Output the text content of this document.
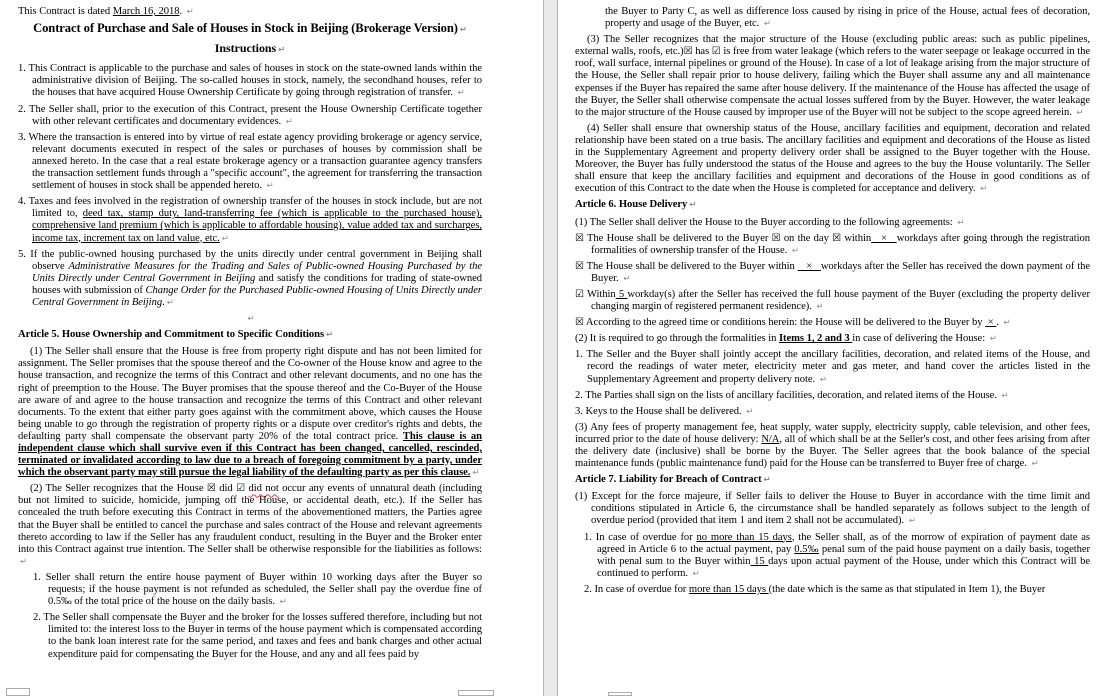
This Contract is dated March 16, 2018. ↵
Contract of Purchase and Sale of Houses in Stock in Beijing (Brokerage Version) ↵
Instructions ↵
1. This Contract is applicable to the purchase and sales of houses in stock on the state-owned lands within the administrative division of Beijing. The so-called houses in stock, namely, the secondhand houses, refer to the houses that have acquired House Ownership Certificate by going through registration of transfer. ↵
2. The Seller shall, prior to the execution of this Contract, present the House Ownership Certificate together with other relevant certificates and documentary evidences. ↵
3. Where the transaction is entered into by virtue of real estate agency providing brokerage or agency service, relevant documents executed in respect of the sales or purchases of houses by commission shall be annexed hereto. In the case that a real estate brokerage agency or a transaction guarantee agency transfers the transaction settlement funds through a "specific account", the agreement for transferring the transaction settlement of houses in stock shall be appended hereto. ↵
4. Taxes and fees involved in the registration of ownership transfer of the houses in stock include, but are not limited to, deed tax, stamp duty, land-transferring fee (which is applicable to the purchased house), comprehensive land premium (which is applicable to affordable housing), value added tax and surcharges, income tax, increment tax on land value, etc. ↵
5. If the public-owned housing purchased by the units directly under central government in Beijing shall observe Administrative Measures for the Trading and Sales of Public-owned Housing Purchased by the Units Directly under Central Government in Beijing and satisfy the conditions for trading of state-owned houses with submission of Change Order for the Purchased Public-owned Housing of Units Directly under Central Government in Beijing. ↵
↵
Article 5. House Ownership and Commitment to Specific Conditions ↵
(1) The Seller shall ensure that the House is free from property right dispute and has not been limited for assignment. The Seller promises that the spouse thereof and the Co-owner of the House know and agree to the house transaction, and recognize the terms of this Contract and other relevant documents, and no one has the right of preemption to the House. The Buyer promises that the spouse thereof and the Co-Buyer of the House are aware of and agree to the house transaction and recognize the terms of this Contract and other relevant documents. To the extent that either party goes against with the commitment above, which causes the House being unable to go through the registration of property rights or a dispute over creditor's rights and debts, the defaulting party shall compensate the observant party 20% of the total contract price. This clause is an independent clause which shall survive even if this Contract has been changed, cancelled, rescinded, terminated or invalidated according to law due to a breach of foregoing commitment by a party, under which the observant party may still pursue the legal liability of the defaulting party as per this clause. ↵
(2) The Seller recognizes that the House ☒ did ☑ did not occur any events of unnatural death (including but not limited to suicide, homicide, jumping off the House, or accidental death, etc.). If the Seller has concealed the truth before executing this Contract in terms of the abovementioned matters, the Parties agree that the Buyer shall be entitled to cancel the purchase and sales contract of the House and relevant agreements thereto according to law if the Seller has any fraudulent conduct, resulting in the Buyer and the Broker enter into this Contract against true intention. The Seller shall be otherwise responsible for the liabilities as follows: ↵
1. Seller shall return the entire house payment of Buyer within 10 working days after the Buyer so requests; if the house payment is not refunded as scheduled, the Seller shall pay the overdue fine of 0.5‰ of the total price of the house on the daily basis. ↵
2. The Seller shall compensate the Buyer and the broker for the losses suffered therefore, including but not limited to: the interest loss to the Buyer in terms of the house payment which is compensated according to the bank loan interest rate for the same period, and taxes and fees and bank charges and other actual expenditure paid for compensating the Buyer for the House, and any and all fees paid by
the Buyer to Party C, as well as difference loss caused by rising in price of the House, actual fees of decoration, property and usage of the Buyer, etc. ↵
(3) The Seller recognizes that the major structure of the House (excluding public areas: such as public pipelines, external walls, roofs, etc.)☒ has ☑ is free from water leakage (which refers to the water seepage or leakage occurred in the roof, wall surface, internal pipelines or ground of the House). In case of a lot of leakage arising from the major structure of the House, the Seller shall repair prior to house delivery, failing which the Buyer shall assume any and all maintenance expenses if the Buyer has repaired the same after house delivery. If the maintenance of the House has affected the usage of the Buyer, the Seller shall otherwise compensate the actual losses suffered from by the Buyer. However, the water leakage to the major structure of the House caused by improper use of the Buyer will not be subject to the scope agreed herein. ↵
(4) Seller shall ensure that ownership status of the House, ancillary facilities and equipment, decoration and related relationship have been stated on a true basis. The ancillary facilities and equipment and decorations of the House as listed in the Supplementary Agreement and property delivery order shall be assigned to the Buyer together with the House. Moreover, the Buyer has fully understood the status of the House and agrees to the buy the House voluntarily. The Seller shall ensure that keep the ancillary facilities and equipment and decorations of the House in good conditions as of execution of this Contract to the date when the House is completed for acceptance and delivery. ↵
Article 6. House Delivery ↵
(1) The Seller shall deliver the House to the Buyer according to the following agreements: ↵
☒ The House shall be delivered to the Buyer ☒ on the day ☒ within   ×   workdays after going through the registration formalities of ownership transfer of the House. ↵
☒ The House shall be delivered to the Buyer within    ×   workdays after the Seller has received the down payment of the Buyer. ↵
☑ Within 5 workday(s) after the Seller has received the full house payment of the Buyer (excluding the property deliver changing margin of registered permanent residence). ↵
☒ According to the agreed time or conditions herein: the House will be delivered to the Buyer by  × . ↵
(2) It is required to go through the formalities in Items 1, 2 and 3 in case of delivering the House: ↵
1. The Seller and the Buyer shall jointly accept the ancillary facilities, decoration, and related items of the House, and record the readings of water meter, electricity meter and gas meter, and hand cover the articles listed in the Supplementary Agreement and property delivery note. ↵
2. The Parties shall sign on the lists of ancillary facilities, decoration, and related items of the House. ↵
3. Keys to the House shall be delivered. ↵
(3) Any fees of property management fee, heat supply, water supply, electricity supply, cable television, and other fees, incurred prior to the date of house delivery: N/A, all of which shall be at the Seller's cost, and other fees arising from after the delivery date (inclusive) shall be borne by the Buyer. The Seller agrees that the book balance of the special maintenance funds (public maintenance fund) paid for the House can be transferred to Buyer free of charge. ↵
Article 7. Liability for Breach of Contract ↵
(1) Except for the force majeure, if Seller fails to deliver the House to Buyer in accordance with the time limit and conditions stipulated in Article 6, the circumstance shall be handled separately as follows subject to the length of overdue period (provided that item 1 and item 2 shall not be accumulated). ↵
1. In case of overdue for no more than 15 days, the Seller shall, as of the morrow of expiration of payment date as agreed in Article 6 to the actual payment, pay 0.5‰ penal sum of the paid house payment on a daily basis, together with penal sum to the Buyer within 15 days upon actual payment of the House, under which this Contract will be continued to perform. ↵
2. In case of overdue for more than 15 days (the date which is the same as that stipulated in Item 1), the Buyer
